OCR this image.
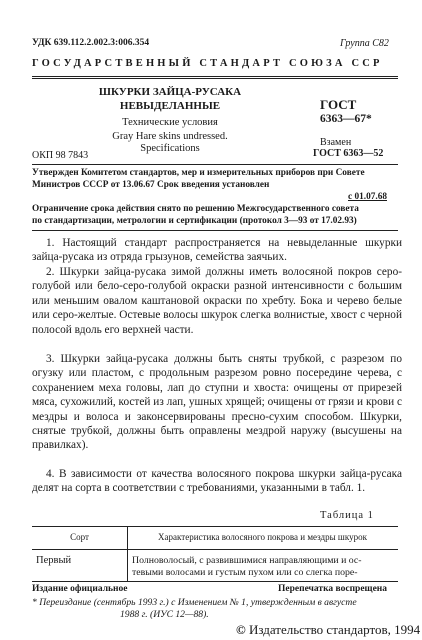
УДК 639.112.2.002.3:006.354	Группа С82
ГОСУДАРСТВЕННЫЙ СТАНДАРТ СОЮЗА ССР
ШКУРКИ ЗАЙЦА-РУСАКА
НЕВЫДЕЛАННЫЕ
Технические условия
Gray Hare skins undressed.
Specifications
ОКП 98 7843
ГОСТ
6363—67*
Взамен
ГОСТ 6363—52
Утвержден Комитетом стандартов, мер и измерительных приборов при Совете
Министров СССР от 13.06.67 Срок введения установлен
с 01.07.68
Ограничение срока действия снято по решению Межгосударственного совета
по стандартизации, метрологии и сертификации (протокол 3—93 от 17.02.93)

1. Настоящий стандарт распространяется на невыделанные шкурки зайца-русака из отряда грызунов, семейства заячьих.

2. Шкурки зайца-русака зимой должны иметь волосяной покров серо-голубой или бело-серо-голубой окраски разной интенсивности с большим или меньшим овалом каштановой окраски по хребту. Бока и черево белые или серо-желтые. Остевые волосы шкурок слегка волнистые, хвост с черной полосой вдоль его верхней части.

3. Шкурки зайца-русака должны быть сняты трубкой, с разрезом по огузку или пластом, с продольным разрезом ровно посередине черева, с сохранением меха головы, лап до ступни и хвоста: очищены от прирезей мяса, сухожилий, костей из лап, ушных хрящей; очищены от грязи и крови с мездры и волоса и законсервированы пресно-сухим способом. Шкурки, снятые трубкой, должны быть оправлены мездрой наружу (высушены на правилках).

4. В зависимости от качества волосяного покрова шкурки зайца-русака делят на сорта в соответствии с требованиями, указанными в табл. 1.

Таблица 1
Сорт	Характеристика волосяного покрова и мездры шкурок
Первый	Полноволосый, с развившимися направляющими и ос-
тевыми волосами и густым пухом или со слегка поре-
Издание официальное	Перепечатка воспрещена
* Переиздание (сентябрь 1993 г.) с Изменением № 1, утвержденным в августе
1988 г. (ИУС 12—88).
© Издательство стандартов, 1994
